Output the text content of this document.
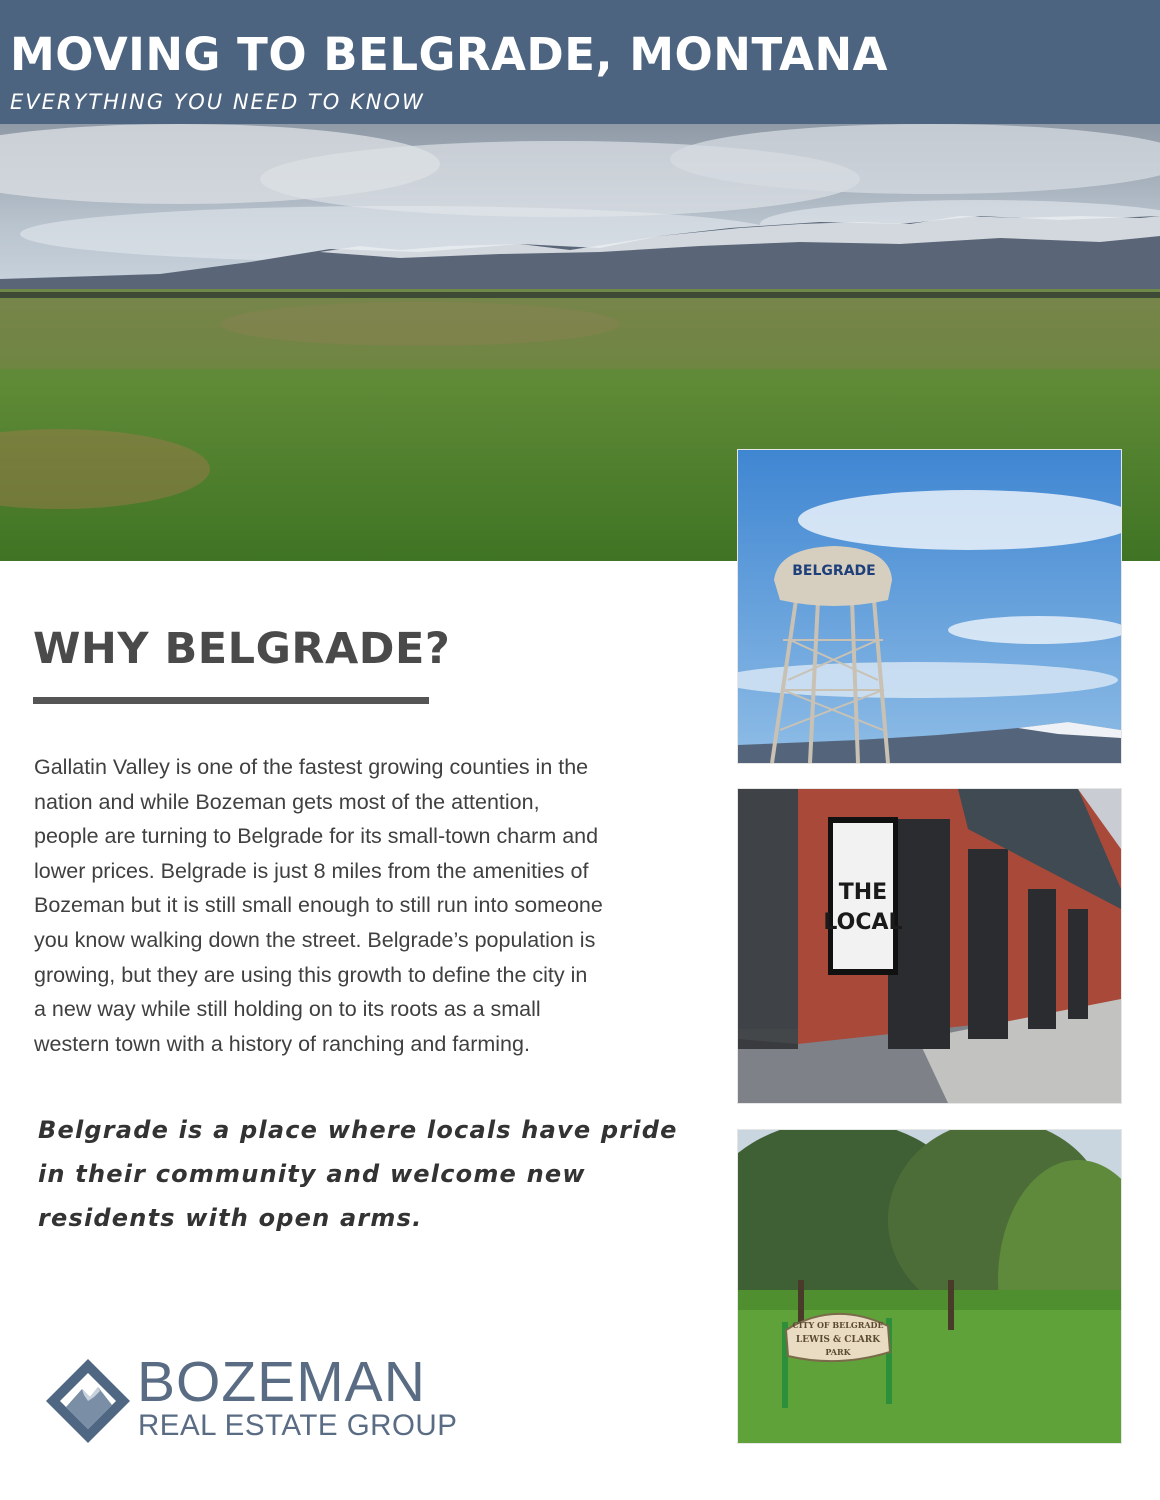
MOVING TO BELGRADE, MONTANA
EVERYTHING YOU NEED TO KNOW
BELGRADE
THE
LOCAL
CITY OF BELGRADE
LEWIS & CLARK
PARK
WHY BELGRADE?
Gallatin Valley is one of the fastest growing counties in the
nation and while Bozeman gets most of the attention,
people are turning to Belgrade for its small-town charm and
lower prices. Belgrade is just 8 miles from the amenities of
Bozeman but it is still small enough to still run into someone
you know walking down the street. Belgrade’s population is
growing, but they are using this growth to define the city in
a new way while still holding on to its roots as a small
western town with a history of ranching and farming.
Belgrade is a place where locals have pride
in their community and welcome new
residents with open arms.
BOZEMAN
REAL ESTATE GROUP
